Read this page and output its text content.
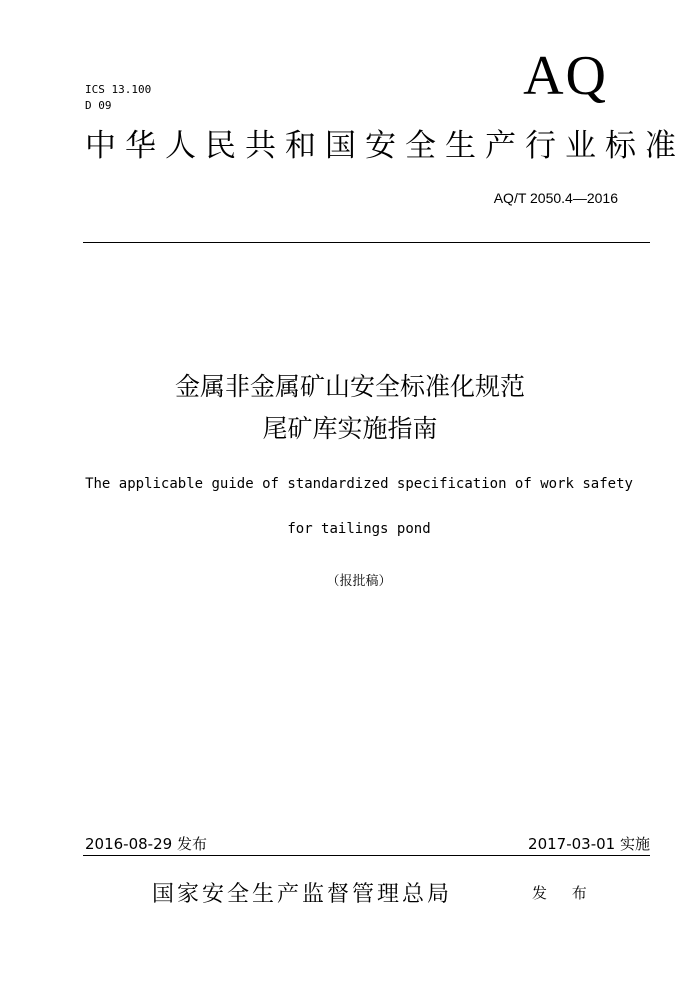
ICS 13.100
D 09	AQ
中华人民共和国安全生产行业标准
AQ/T 2050.4—2016
金属非金属矿山安全标准化规范
尾矿库实施指南
The applicable guide of standardized specification of work safety
for tailings pond
（报批稿）
2016-08-29 发布	2017-03-01 实施
国家安全生产监督管理总局	发 布
